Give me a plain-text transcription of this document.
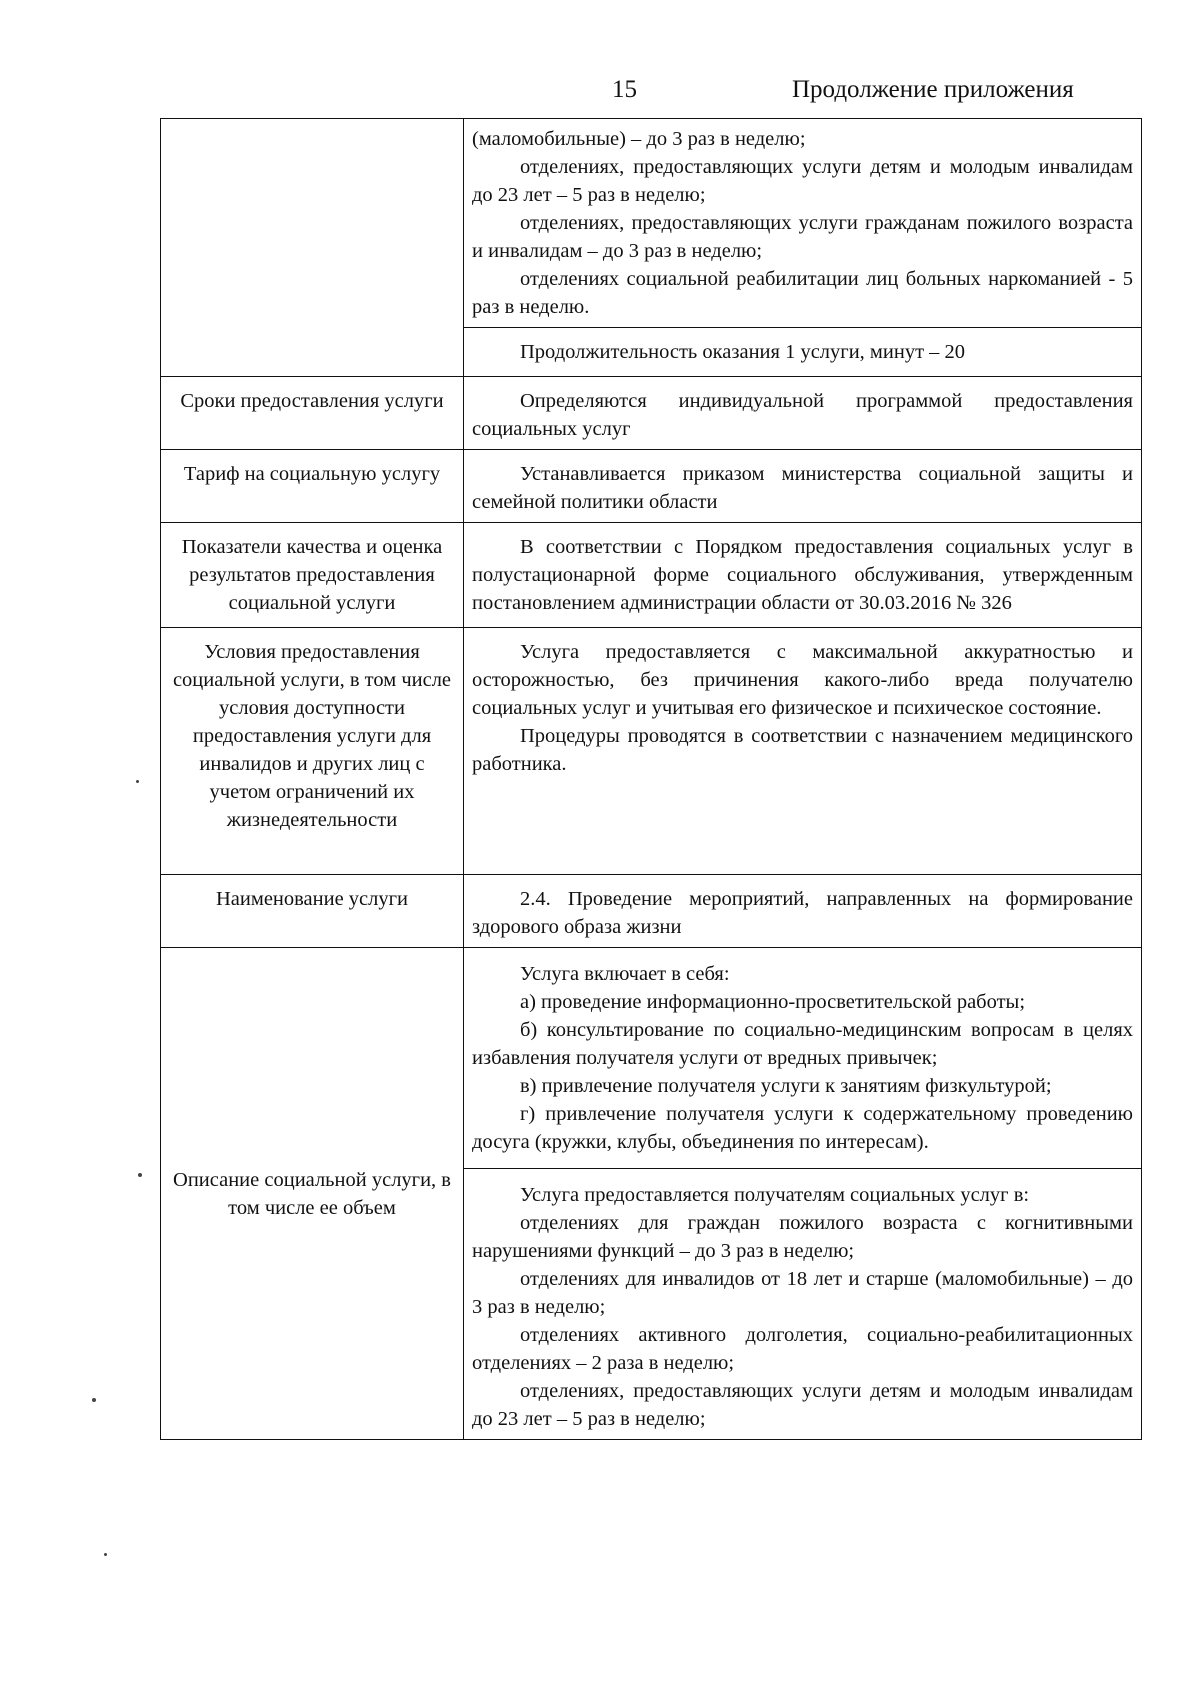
15	Продолжение приложения

	(маломобильные) – до 3 раз в неделю;
отделениях, предоставляющих услуги детям и молодым инвалидам до 23 лет – 5 раз в неделю;
отделениях, предоставляющих услуги гражданам пожилого возраста и инвалидам – до 3 раз в неделю;
отделениях социальной реабилитации лиц больных наркоманией - 5 раз в неделю.

	Продолжительность оказания 1 услуги, минут – 20

Сроки предоставления услуги	Определяются индивидуальной программой предоставления социальных услуг

Тариф на социальную услугу	Устанавливается приказом министерства социальной защиты и семейной политики области

Показатели качества и оценка результатов предоставления социальной услуги	В соответствии с Порядком предоставления социальных услуг в полустационарной форме социального обслуживания, утвержденным постановлением администрации области от 30.03.2016 № 326

Условия предоставления социальной услуги, в том числе условия доступности предоставления услуги для инвалидов и других лиц с учетом ограничений их жизнедеятельности	Услуга предоставляется с максимальной аккуратностью и осторожностью, без причинения какого-либо вреда получателю социальных услуг и учитывая его физическое и психическое состояние.
Процедуры проводятся в соответствии с назначением медицинского работника.

Наименование услуги	2.4. Проведение мероприятий, направленных на формирование здорового образа жизни

Описание социальной услуги, в том числе ее объем	Услуга включает в себя:
а) проведение информационно-просветительской работы;
б) консультирование по социально-медицинским вопросам в целях избавления получателя услуги от вредных привычек;
в) привлечение получателя услуги к занятиям физкультурой;
г) привлечение получателя услуги к содержательному проведению досуга (кружки, клубы, объединения по интересам).

	Услуга предоставляется получателям социальных услуг в:
отделениях для граждан пожилого возраста с когнитивными нарушениями функций – до 3 раз в неделю;
отделениях для инвалидов от 18 лет и старше (маломобильные) – до 3 раз в неделю;
отделениях активного долголетия, социально-реабилитационных отделениях – 2 раза в неделю;
отделениях, предоставляющих услуги детям и молодым инвалидам до 23 лет – 5 раз в неделю;
